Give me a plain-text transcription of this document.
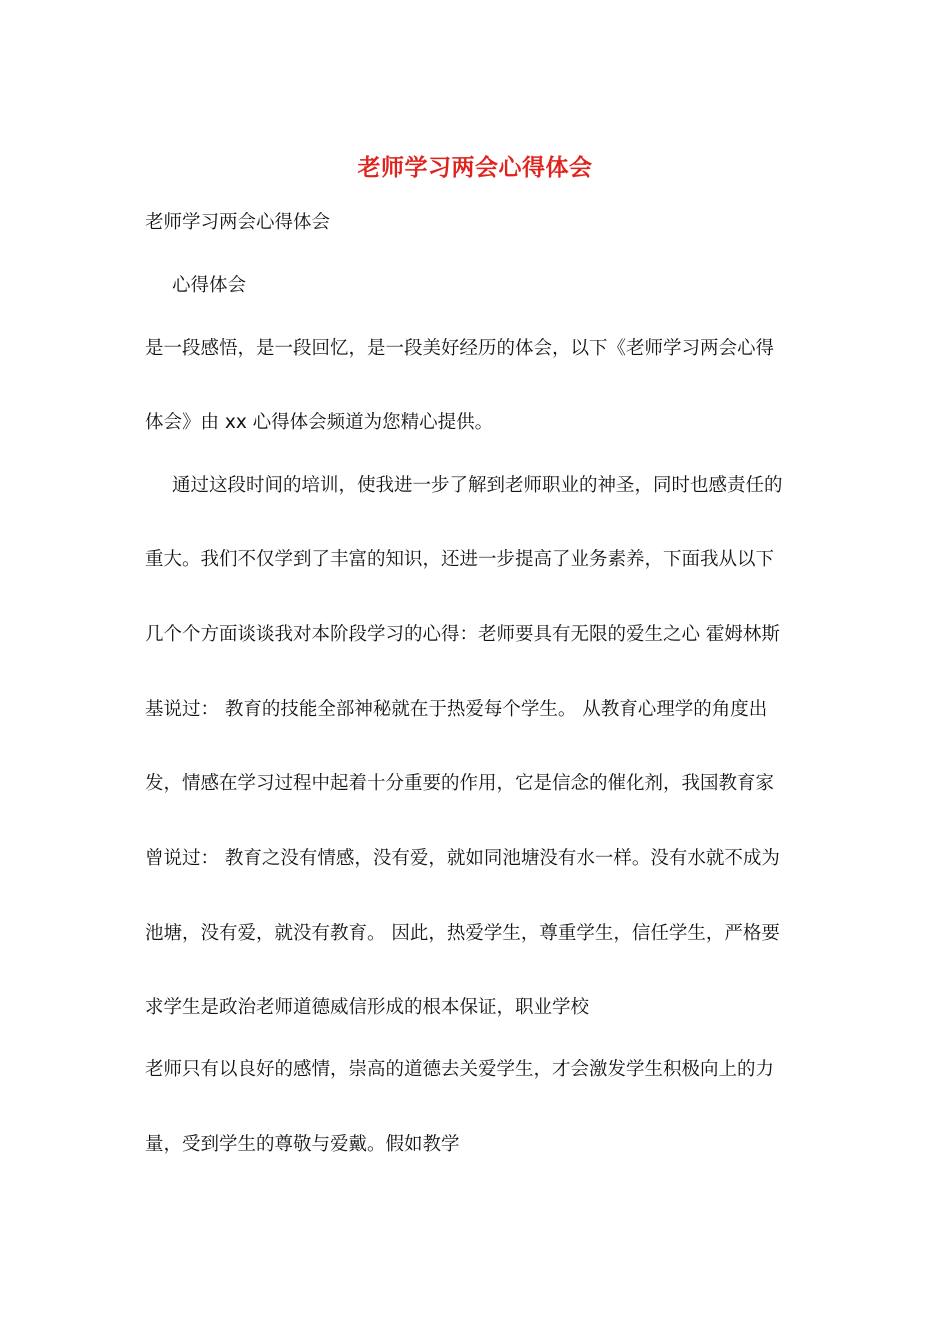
老师学习两会心得体会
老师学习两会心得体会
心得体会
是一段感悟，是一段回忆，是一段美好经历的体会，以下《老师学习两会心得
体会》由 xx 心得体会频道为您精心提供。
通过这段时间的培训，使我进一步了解到老师职业的神圣，同时也感责任的
重大。我们不仅学到了丰富的知识，还进一步提高了业务素养，下面我从以下
几个个方面谈谈我对本阶段学习的心得：老师要具有无限的爱生之心 霍姆林斯
基说过： 教育的技能全部神秘就在于热爱每个学生。 从教育心理学的角度出
发，情感在学习过程中起着十分重要的作用，它是信念的催化剂，我国教育家
曾说过： 教育之没有情感，没有爱，就如同池塘没有水一样。没有水就不成为
池塘，没有爱，就没有教育。 因此，热爱学生，尊重学生，信任学生，严格要
求学生是政治老师道德威信形成的根本保证，职业学校
老师只有以良好的感情，崇高的道德去关爱学生，才会激发学生积极向上的力
量，受到学生的尊敬与爱戴。假如教学
